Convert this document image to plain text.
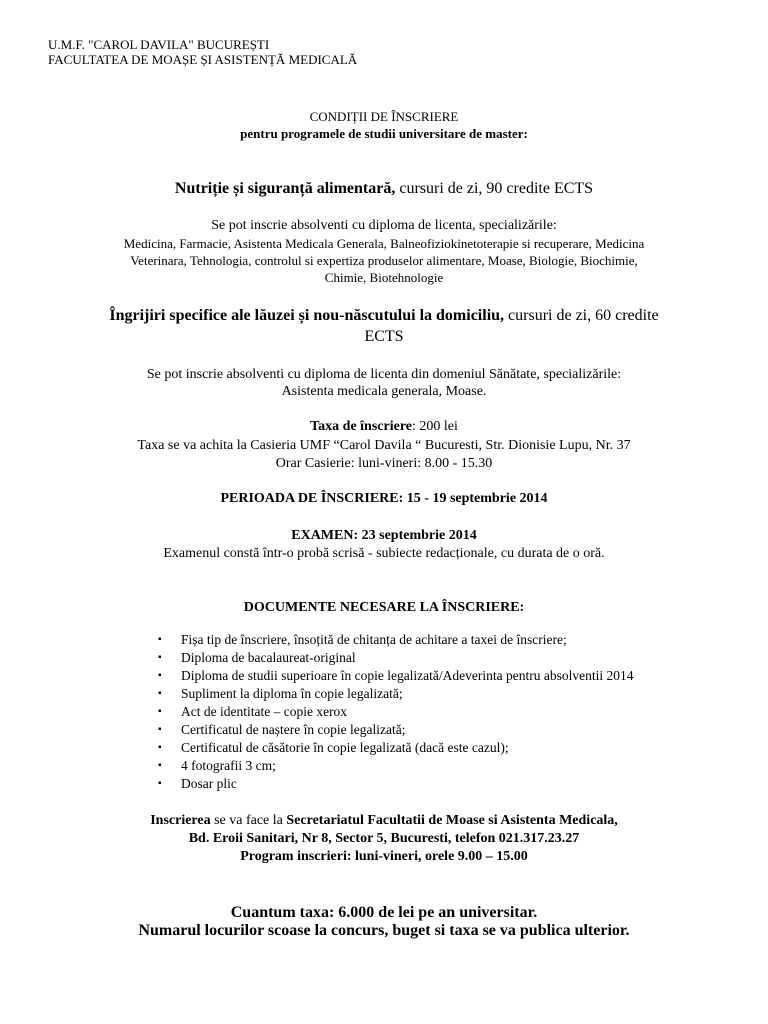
U.M.F. "CAROL DAVILA" BUCUREȘTI
FACULTATEA DE MOAȘE ȘI ASISTENȚĂ MEDICALĂ
CONDIȚII DE ÎNSCRIERE
pentru programele de studii universitare de master:
Nutriție și siguranță alimentară, cursuri de zi, 90 credite ECTS
Se pot inscrie absolventi cu diploma de licenta, specializările:
Medicina, Farmacie, Asistenta Medicala Generala, Balneofiziokinetoterapie si recuperare, Medicina
Veterinara, Tehnologia, controlul si expertiza produselor alimentare, Moase, Biologie, Biochimie,
Chimie, Biotehnologie
Îngrijiri specifice ale lăuzei și nou-născutului la domiciliu, cursuri de zi, 60 credite
ECTS
Se pot inscrie absolventi cu diploma de licenta din domeniul Sănătate, specializările:
Asistenta medicala generala, Moase.
Taxa de înscriere: 200 lei
Taxa se va achita la Casieria UMF “Carol Davila “ Bucuresti, Str. Dionisie Lupu, Nr. 37
Orar Casierie: luni-vineri: 8.00 - 15.30
PERIOADA DE ÎNSCRIERE: 15 - 19 septembrie 2014
EXAMEN: 23 septembrie 2014
Examenul constă într-o probă scrisă - subiecte redacționale, cu durata de o oră.
DOCUMENTE NECESARE LA ÎNSCRIERE:
▪ Fișa tip de înscriere, însoțită de chitanța de achitare a taxei de înscriere;
▪ Diploma de bacalaureat-original
▪ Diploma de studii superioare în copie legalizată/Adeverinta pentru absolventii 2014
▪ Supliment la diploma în copie legalizată;
▪ Act de identitate – copie xerox
▪ Certificatul de naștere în copie legalizată;
▪ Certificatul de căsătorie în copie legalizată (dacă este cazul);
▪ 4 fotografii 3 cm;
▪ Dosar plic
Inscrierea se va face la Secretariatul Facultatii de Moase si Asistenta Medicala,
Bd. Eroii Sanitari, Nr 8, Sector 5, Bucuresti, telefon 021.317.23.27
Program inscrieri: luni-vineri, orele 9.00 – 15.00
Cuantum taxa: 6.000 de lei pe an universitar.
Numarul locurilor scoase la concurs, buget si taxa se va publica ulterior.
